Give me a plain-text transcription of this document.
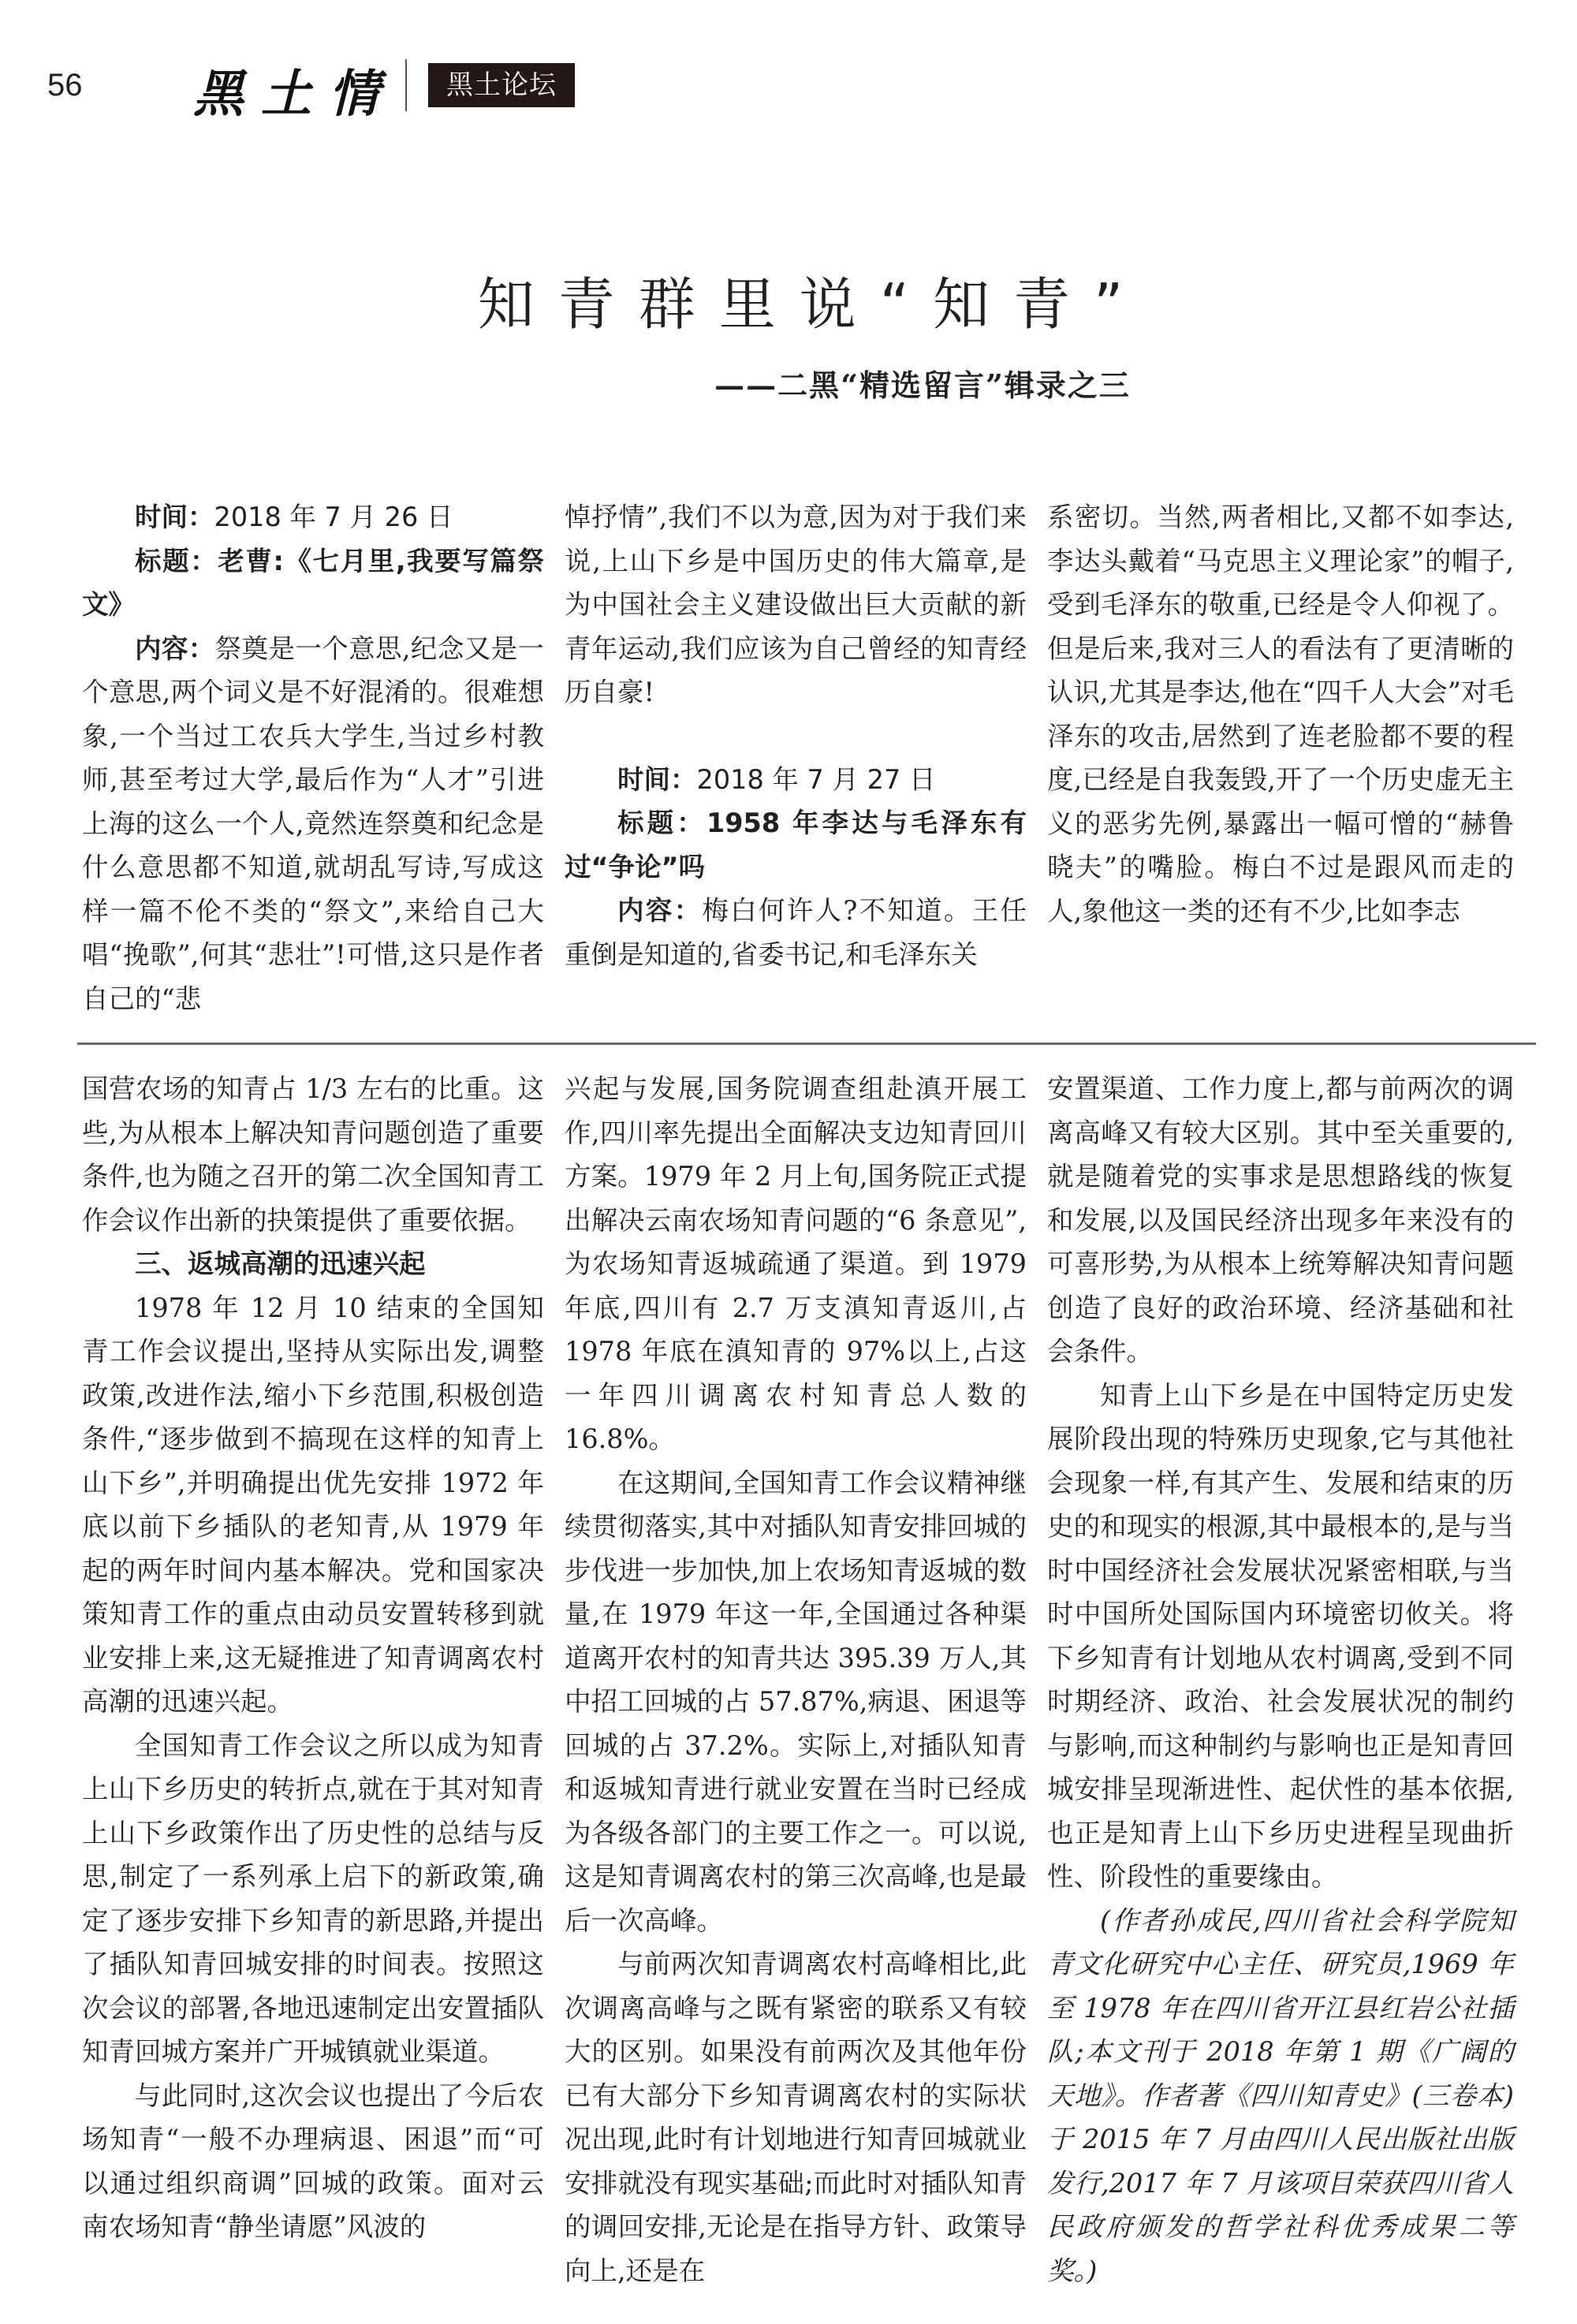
56 黑土情	黑土论坛
知青群里说“知青”
——二黑“精选留言”辑录之三

时间：2018 年 7 月 26 日

标题：老曹:《七月里,我要写篇祭文》

内容：祭奠是一个意思,纪念又是一个意思,两个词义是不好混淆的。很难想象,一个当过工农兵大学生,当过乡村教师,甚至考过大学,最后作为“人才”引进上海的这么一个人,竟然连祭奠和纪念是什么意思都不知道,就胡乱写诗,写成这样一篇不伦不类的“祭文”,来给自己大唱“挽歌”,何其“悲壮”!可惜,这只是作者自己的“悲

悼抒情”,我们不以为意,因为对于我们来说,上山下乡是中国历史的伟大篇章,是为中国社会主义建设做出巨大贡献的新青年运动,我们应该为自己曾经的知青经历自豪!

时间：2018 年 7 月 27 日

标题：1958 年李达与毛泽东有过“争论”吗

内容：梅白何许人?不知道。王任重倒是知道的,省委书记,和毛泽东关

系密切。当然,两者相比,又都不如李达,李达头戴着“马克思主义理论家”的帽子,受到毛泽东的敬重,已经是令人仰视了。但是后来,我对三人的看法有了更清晰的认识,尤其是李达,他在“四千人大会”对毛泽东的攻击,居然到了连老脸都不要的程度,已经是自我轰毁,开了一个历史虚无主义的恶劣先例,暴露出一幅可憎的“赫鲁晓夫”的嘴脸。梅白不过是跟风而走的人,象他这一类的还有不少,比如李志

国营农场的知青占 1/3 左右的比重。这些,为从根本上解决知青问题创造了重要条件,也为随之召开的第二次全国知青工作会议作出新的抉策提供了重要依据。

三、返城高潮的迅速兴起

1978 年 12 月 10 结束的全国知青工作会议提出,坚持从实际出发,调整政策,改进作法,缩小下乡范围,积极创造条件,“逐步做到不搞现在这样的知青上山下乡”,并明确提出优先安排 1972 年底以前下乡插队的老知青,从 1979 年起的两年时间内基本解决。党和国家决策知青工作的重点由动员安置转移到就业安排上来,这无疑推进了知青调离农村高潮的迅速兴起。

全国知青工作会议之所以成为知青上山下乡历史的转折点,就在于其对知青上山下乡政策作出了历史性的总结与反思,制定了一系列承上启下的新政策,确定了逐步安排下乡知青的新思路,并提出了插队知青回城安排的时间表。按照这次会议的部署,各地迅速制定出安置插队知青回城方案并广开城镇就业渠道。

与此同时,这次会议也提出了今后农场知青“一般不办理病退、困退”而“可以通过组织商调”回城的政策。面对云南农场知青“静坐请愿”风波的

兴起与发展,国务院调查组赴滇开展工作,四川率先提出全面解决支边知青回川方案。1979 年 2 月上旬,国务院正式提出解决云南农场知青问题的“6 条意见”,为农场知青返城疏通了渠道。到 1979 年底,四川有 2.7 万支滇知青返川,占 1978 年底在滇知青的 97%以上,占这一年四川调离农村知青总人数的 16.8%。

在这期间,全国知青工作会议精神继续贯彻落实,其中对插队知青安排回城的步伐进一步加快,加上农场知青返城的数量,在 1979 年这一年,全国通过各种渠道离开农村的知青共达 395.39 万人,其中招工回城的占 57.87%,病退、困退等回城的占 37.2%。实际上,对插队知青和返城知青进行就业安置在当时已经成为各级各部门的主要工作之一。可以说,这是知青调离农村的第三次高峰,也是最后一次高峰。

与前两次知青调离农村高峰相比,此次调离高峰与之既有紧密的联系又有较大的区别。如果没有前两次及其他年份已有大部分下乡知青调离农村的实际状况出现,此时有计划地进行知青回城就业安排就没有现实基础;而此时对插队知青的调回安排,无论是在指导方针、政策导向上,还是在

安置渠道、工作力度上,都与前两次的调离高峰又有较大区别。其中至关重要的,就是随着党的实事求是思想路线的恢复和发展,以及国民经济出现多年来没有的可喜形势,为从根本上统筹解决知青问题创造了良好的政治环境、经济基础和社会条件。

知青上山下乡是在中国特定历史发展阶段出现的特殊历史现象,它与其他社会现象一样,有其产生、发展和结束的历史的和现实的根源,其中最根本的,是与当时中国经济社会发展状况紧密相联,与当时中国所处国际国内环境密切攸关。将下乡知青有计划地从农村调离,受到不同时期经济、政治、社会发展状况的制约与影响,而这种制约与影响也正是知青回城安排呈现渐进性、起伏性的基本依据,也正是知青上山下乡历史进程呈现曲折性、阶段性的重要缘由。

(作者孙成民,四川省社会科学院知青文化研究中心主任、研究员,1969 年至 1978 年在四川省开江县红岩公社插队;本文刊于 2018 年第 1 期《广阔的天地》。作者著《四川知青史》(三卷本)于 2015 年 7 月由四川人民出版社出版发行,2017 年 7 月该项目荣获四川省人民政府颁发的哲学社科优秀成果二等奖。)
